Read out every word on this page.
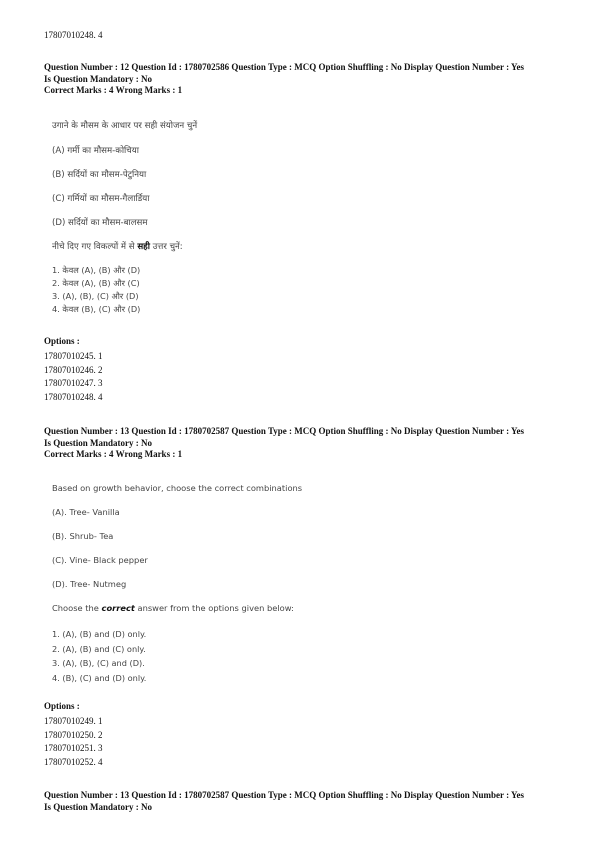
17807010248. 4
Question Number : 12 Question Id : 1780702586 Question Type : MCQ Option Shuffling : No Display Question Number : Yes
Is Question Mandatory : No
Correct Marks : 4 Wrong Marks : 1
उगाने के मौसम के आधार पर सही संयोजन चुनें
(A) गर्मी का मौसम-कोचिया
(B) सर्दियों का मौसम-पेटुनिया
(C) गर्मियों का मौसम-गैलार्डिया
(D) सर्दियों का मौसम-बालसम
नीचे दिए गए विकल्पों में से सही उत्तर चुनें:
1. केवल (A), (B) और (D)
2. केवल (A), (B) और (C)
3. (A), (B), (C) और (D)
4. केवल (B), (C) और (D)
Options :
17807010245. 1
17807010246. 2
17807010247. 3
17807010248. 4
Question Number : 13 Question Id : 1780702587 Question Type : MCQ Option Shuffling : No Display Question Number : Yes
Is Question Mandatory : No
Correct Marks : 4 Wrong Marks : 1
Based on growth behavior, choose the correct combinations
(A). Tree- Vanilla
(B). Shrub- Tea
(C). Vine- Black pepper
(D). Tree- Nutmeg
Choose the correct answer from the options given below:
1. (A), (B) and (D) only.
2. (A), (B) and (C) only.
3. (A), (B), (C) and (D).
4. (B), (C) and (D) only.
Options :
17807010249. 1
17807010250. 2
17807010251. 3
17807010252. 4
Question Number : 13 Question Id : 1780702587 Question Type : MCQ Option Shuffling : No Display Question Number : Yes
Is Question Mandatory : No
